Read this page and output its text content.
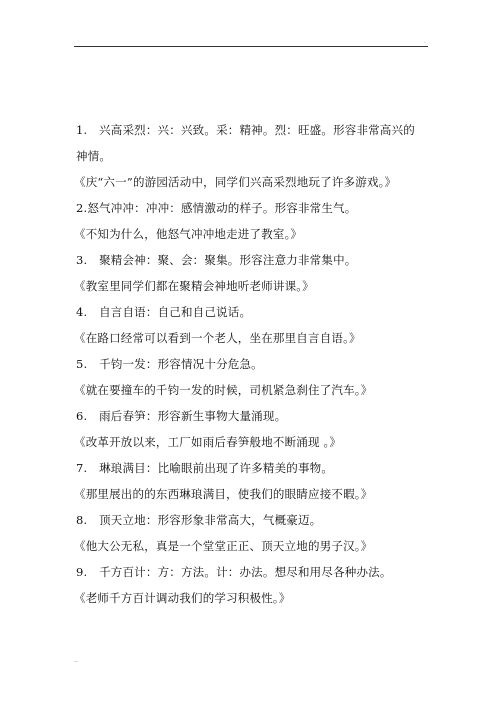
.
1.　兴高采烈：兴：兴致。采：精神。烈：旺盛。形容非常高兴的
神情。
《庆“六一”的游园活动中，同学们兴高采烈地玩了许多游戏。》
2.怒气冲冲：冲冲：感情激动的样子。形容非常生气。
《不知为什么，他怒气冲冲地走进了教室。》
3.　聚精会神：聚、会：聚集。形容注意力非常集中。
《教室里同学们都在聚精会神地听老师讲课。》
4.　自言自语：自己和自己说话。
《在路口经常可以看到一个老人，坐在那里自言自语。》
5.　千钧一发：形容情况十分危急。
《就在要撞车的千钧一发的时候，司机紧急刹住了汽车。》
6.　雨后春笋：形容新生事物大量涌现。
《改革开放以来，工厂如雨后春笋般地不断涌现 。》
7.　琳琅满目：比喻眼前出现了许多精美的事物。
《那里展出的的东西琳琅满目，使我们的眼睛应接不暇。》
8.　顶天立地：形容形象非常高大，气概豪迈。
《他大公无私，真是一个堂堂正正、顶天立地的男子汉。》
9.　千方百计：方：方法。计：办法。想尽和用尽各种办法。
《老师千方百计调动我们的学习积极性。》
..
